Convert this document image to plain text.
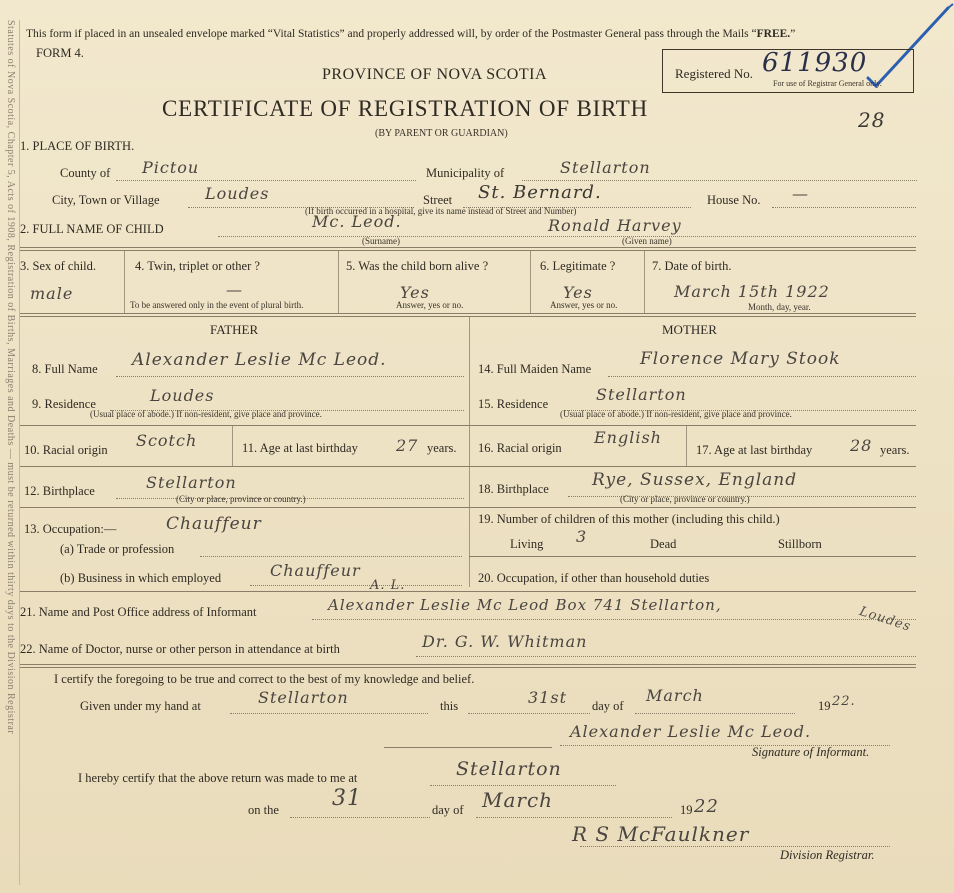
Statutes of Nova Scotia, Chapter 5, Acts of 1908, Registration of Births, Marriages and Deaths — must be returned within thirty days to the Division Registrar This form if placed in an unsealed envelope marked “Vital Statistics” and properly addressed will, by order of the Postmaster General pass through the Mails “FREE.”
FORM 4.
PROVINCE OF NOVA SCOTIA	Registered No. 611930
For use of Registrar General only.
CERTIFICATE OF REGISTRATION OF BIRTH
(BY PARENT OR GUARDIAN)
28
1. PLACE OF BIRTH.
County of Pictou	Municipality of	Stellarton
City, Town or Village	Loudes	Street St. Bernard.	House No. —
(If birth occurred in a hospital, give its name instead of Street and Number)
2. FULL NAME OF CHILD	Mc. Leod.
(Surname)
Ronald Harvey
(Given name)
3. Sex of child.
male
4. Twin, triplet or other ?
—
To be answered only in the event of plural birth.
5. Was the child born alive ?
Yes
Answer, yes or no.
6. Legitimate ?
Yes
Answer, yes or no.
7. Date of birth.
March 15th 1922
Month, day, year.
FATHER	MOTHER
8. Full Name Alexander Leslie Mc Leod.
9. Residence	Loudes
(Usual place of abode.) If non-resident, give place and province.
10. Racial origin Scotch	11. Age at last birthday 27 years.
12. Birthplace	Stellarton
(City or place, province or country.)
13. Occupation:—	Chauffeur
(a) Trade or profession
(b) Business in which employed	Chauffeur
14. Full Maiden Name	Florence Mary Stook
15. Residence	Stellarton
(Usual place of abode.) If non-resident, give place and province.
16. Racial origin
English
17. Age at last birthday 28 years.
18. Birthplace	Rye, Sussex, England
(City or place, province or country.)
19. Number of children of this mother (including this child.)
Living 3	Dead	Stillborn
20. Occupation, if other than household duties
21. Name and Post Office address of Informant
A. L.
Alexander Leslie Mc Leod Box 741 Stellarton,	Loudes
22. Name of Doctor, nurse or other person in attendance at birth	Dr. G. W. Whitman
I certify the foregoing to be true and correct to the best of my knowledge and belief.
Given under my hand at	Stellarton	this	31st day of
March
19 22.
Alexander Leslie Mc Leod.
Signature of Informant.
I hereby certify that the above return was made to me at	Stellarton
on the 31	day of March	19 22
R S McFaulkner
Division Registrar.
